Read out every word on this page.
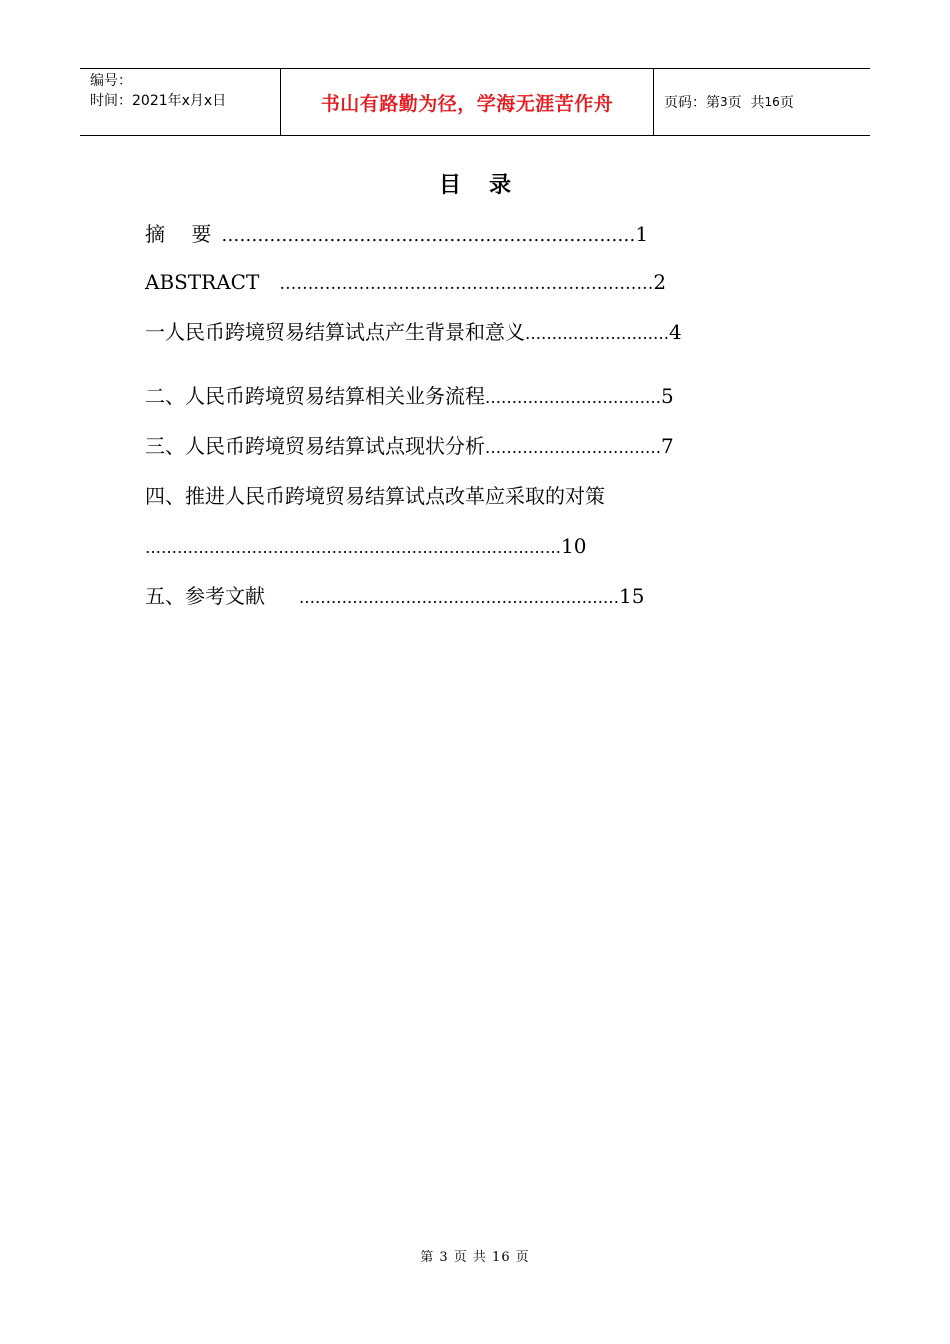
编号：
时间：2021年x月x日	书山有路勤为径，学海无涯苦作舟	页码：第 3 页  共 16 页
目录
摘 要……………………………………………………………1
ABSTRACT …………………………………………………………2
一人民币跨境贸易结算试点产生背景和意义………………………4
二、人民币跨境贸易结算相关业务流程……………………………5
三、人民币跨境贸易结算试点现状分析……………………………7
四、推进人民币跨境贸易结算试点改革应采取的对策
……………………………………………………………………10
五、参考文献 ……………………………………………………15
第 3 页 共 16 页
